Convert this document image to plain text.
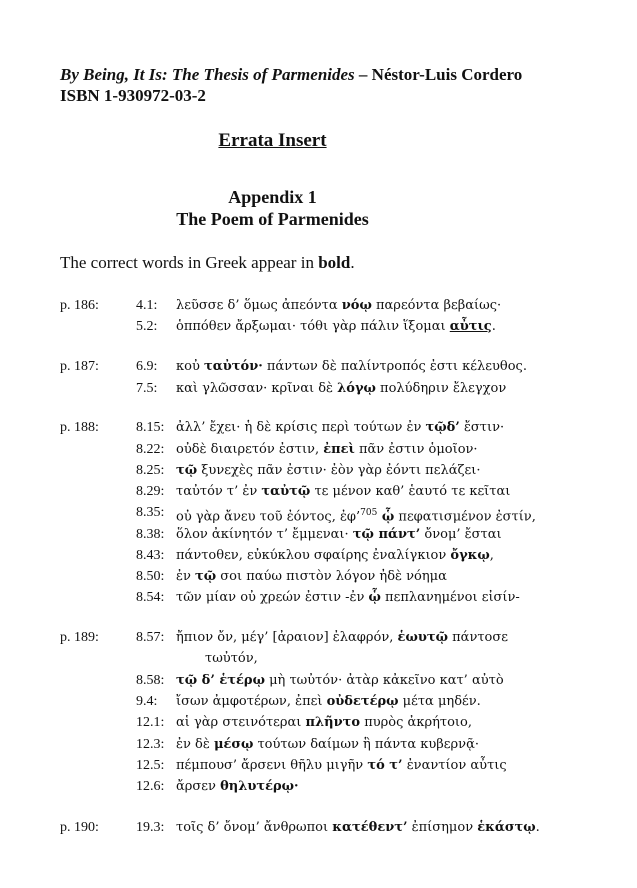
By Being, It Is: The Thesis of Parmenides – Néstor-Luis Cordero
ISBN 1-930972-03-2
Errata Insert
Appendix 1
The Poem of Parmenides
The correct words in Greek appear in bold.
p. 186:	4.1: λεῦσσε δ’ ὅμως ἀπεόντα νόῳ παρεόντα βεβαίως·
5.2: ὁππόθεν ἄρξωμαι· τόθι γὰρ πάλιν ἵξομαι αὖτις.
p. 187:	6.9: κοὐ ταὐτόν· πάντων δὲ παλίντροπός ἐστι κέλευθος.
7.5: καὶ γλῶσσαν· κρῖναι δὲ λόγῳ πολύδηριν ἔλεγχον
p. 188:	8.15: ἀλλ’ ἔχει· ἡ δὲ κρίσις περὶ τούτων ἐν τῷδ’ ἔστιν·
8.22: οὐδὲ διαιρετόν ἐστιν, ἐπεὶ πᾶν ἐστιν ὁμοῖον·
8.25: τῷ ξυνεχὲς πᾶν ἐστιν· ἐὸν γὰρ ἐόντι πελάζει·
8.29: ταὐτόν τ’ ἐν ταὐτῷ τε μένον καθ’ ἑαυτό τε κεῖται
8.35: οὐ γὰρ ἄνευ τοῦ ἐόντος, ἐφ’$^{705}$ ᾧ πεφατισμένον ἐστίν,
8.38: ὅλον ἀκίνητόν τ’ ἔμμεναι· τῷ πάντ’ ὄνομ’ ἔσται
8.43: πάντοθεν, εὐκύκλου σφαίρης ἐναλίγκιον ὄγκῳ,
8.50: ἐν τῷ σοι παύω πιστὸν λόγον ἠδὲ νόημα
8.54: τῶν μίαν οὐ χρεών ἐστιν -ἐν ᾧ πεπλανημένοι εἰσίν-
p. 189:	8.57: ἤπιον ὄν, μέγ’ [ἀραιον] ἐλαφρόν, ἑωυτῷ πάντοσε
τωὐτόν,
8.58: τῷ δ’ ἑτέρῳ μὴ τωὐτόν· ἀτὰρ κἀκεῖνο κατ’ αὐτὸ
9.4: ἴσων ἀμφοτέρων, ἐπεὶ οὐδετέρῳ μέτα μηδέν.
12.1: αἱ γὰρ στεινότεραι πλῆντο πυρὸς ἀκρήτοιο,
12.3: ἐν δὲ μέσῳ τούτων δαίμων ἣ πάντα κυβερνᾷ·
12.5: πέμπουσ’ ἄρσενι θῆλυ μιγῆν τό τ’ ἐναντίον αὖτις
12.6: ἄρσεν θηλυτέρῳ·
p. 190:	19.3: τοῖς δ’ ὄνομ’ ἄνθρωποι κατέθεντ’ ἐπίσημον ἑκάστῳ.
